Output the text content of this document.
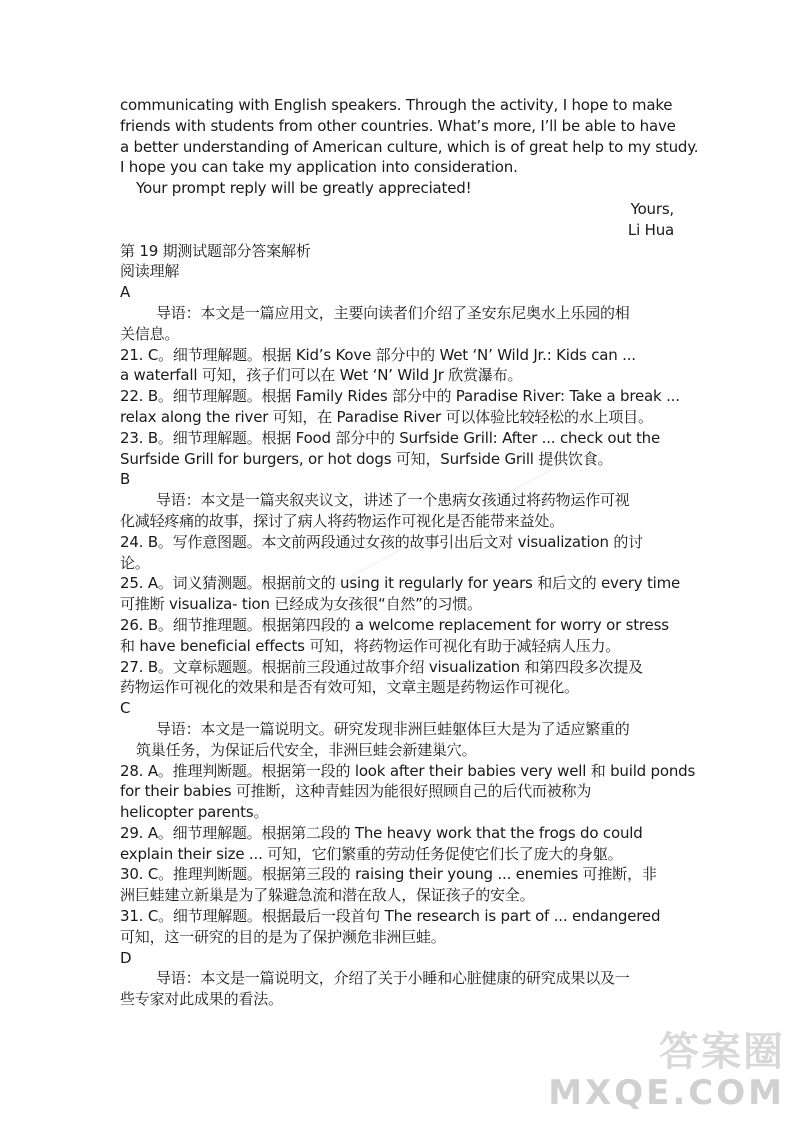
communicating with English speakers. Through the activity, I hope to make
friends with students from other countries. What’s more, I’ll be able to have
a better understanding of American culture, which is of great help to my study.
I hope you can take my application into consideration.
Your prompt reply will be greatly appreciated!
Yours,
Li Hua
第 19 期测试题部分答案解析
阅读理解
A
导语：本文是一篇应用文，主要向读者们介绍了圣安东尼奥水上乐园的相
关信息。
21. C。细节理解题。根据 Kid’s Kove 部分中的 Wet ‘N’ Wild Jr.: Kids can ...
a waterfall 可知，孩子们可以在 Wet ‘N’ Wild Jr 欣赏瀑布。
22. B。细节理解题。根据 Family Rides 部分中的 Paradise River: Take a break ...
relax along the river 可知，在 Paradise River 可以体验比较轻松的水上项目。
23. B。细节理解题。根据 Food 部分中的 Surfside Grill: After ... check out the
Surfside Grill for burgers, or hot dogs 可知，Surfside Grill 提供饮食。
B
导语：本文是一篇夹叙夹议文，讲述了一个患病女孩通过将药物运作可视
化减轻疼痛的故事，探讨了病人将药物运作可视化是否能带来益处。
24. B。写作意图题。本文前两段通过女孩的故事引出后文对 visualization 的讨
论。
25. A。词义猜测题。根据前文的 using it regularly for years 和后文的 every time
可推断 visualiza- tion 已经成为女孩很“自然”的习惯。
26. B。细节推理题。根据第四段的 a welcome replacement for worry or stress
和 have beneficial effects 可知，将药物运作可视化有助于减轻病人压力。
27. B。文章标题题。根据前三段通过故事介绍 visualization 和第四段多次提及
药物运作可视化的效果和是否有效可知，文章主题是药物运作可视化。
C
导语：本文是一篇说明文。研究发现非洲巨蛙躯体巨大是为了适应繁重的
筑巢任务，为保证后代安全，非洲巨蛙会新建巢穴。
28. A。推理判断题。根据第一段的 look after their babies very well 和 build ponds
for their babies 可推断，这种青蛙因为能很好照顾自己的后代而被称为
helicopter parents。
29. A。细节理解题。根据第二段的 The heavy work that the frogs do could
explain their size ... 可知，它们繁重的劳动任务促使它们长了庞大的身躯。
30. C。推理判断题。根据第三段的 raising their young ... enemies 可推断，非
洲巨蛙建立新巢是为了躲避急流和潜在敌人，保证孩子的安全。
31. C。细节理解题。根据最后一段首句 The research is part of ... endangered
可知，这一研究的目的是为了保护濒危非洲巨蛙。
D
导语：本文是一篇说明文，介绍了关于小睡和心脏健康的研究成果以及一
些专家对此成果的看法。
答案圈
MXQE.COM
